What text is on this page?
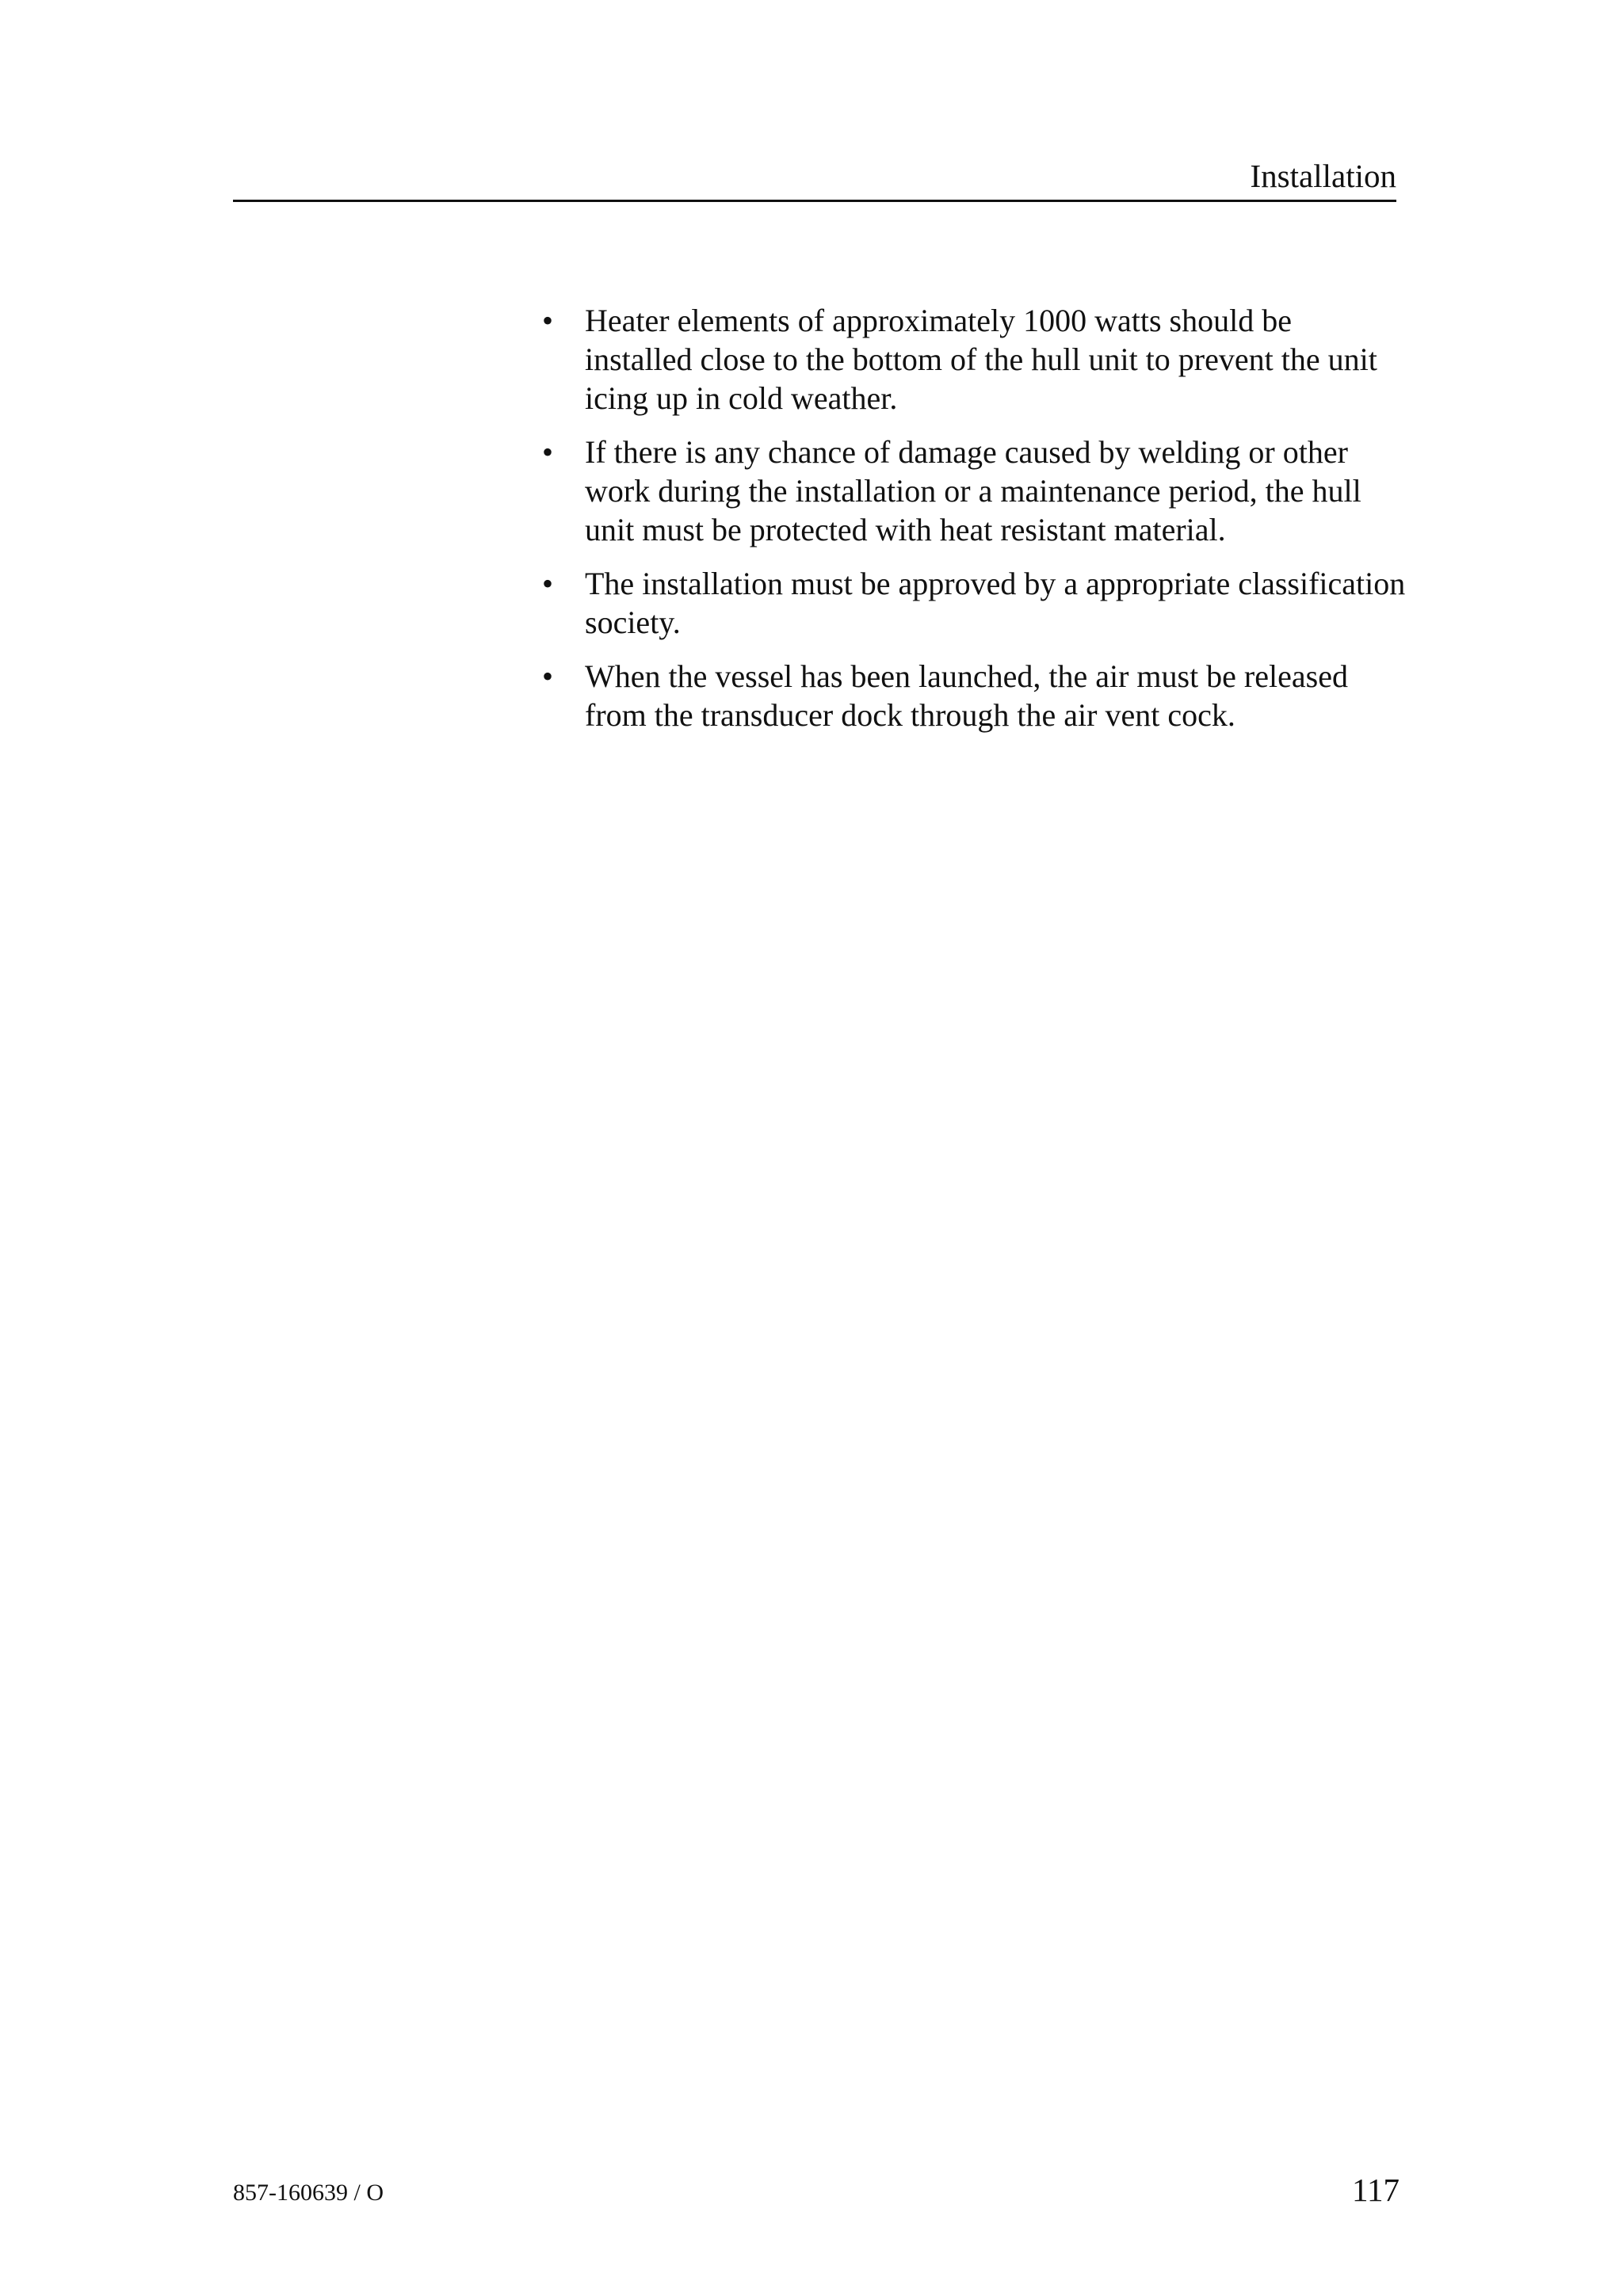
Installation
• Heater elements of approximately 1000 watts should be installed close to the bottom of the hull unit to prevent the unit icing up in cold weather.
• If there is any chance of damage caused by welding or other work during the installation or a maintenance period, the hull unit must be protected with heat resistant material.
• The installation must be approved by a appropriate classification society.
• When the vessel has been launched, the air must be released from the transducer dock through the air vent cock.
857-160639 / O	117
